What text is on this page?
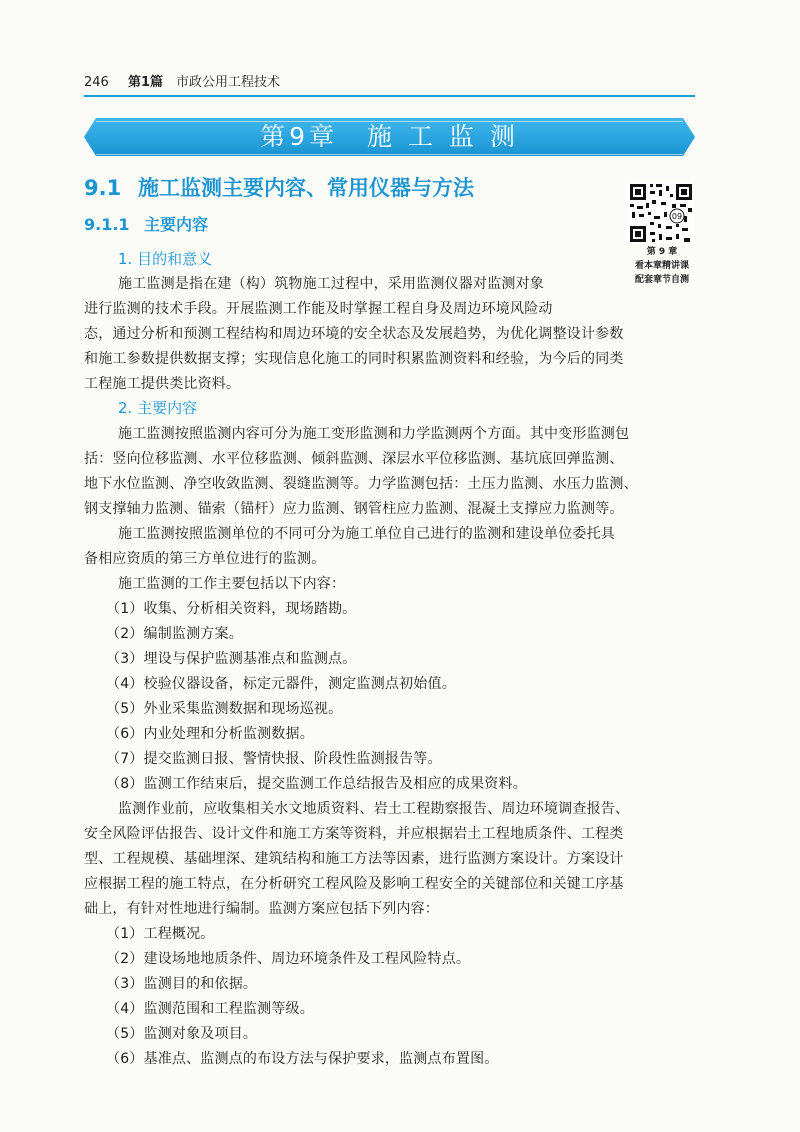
246 第1篇 市政公用工程技术
第9章　施 工 监 测
9.1 施工监测主要内容、常用仪器与方法
9.1.1 主要内容	09
第 9 章
看本章精讲课
配套章节自测
1. 目的和意义
施工监测是指在建（构）筑物施工过程中，采用监测仪器对监测对象
进行监测的技术手段。开展监测工作能及时掌握工程自身及周边环境风险动
态，通过分析和预测工程结构和周边环境的安全状态及发展趋势，为优化调整设计参数
和施工参数提供数据支撑；实现信息化施工的同时积累监测资料和经验，为今后的同类
工程施工提供类比资料。
2. 主要内容
施工监测按照监测内容可分为施工变形监测和力学监测两个方面。其中变形监测包
括：竖向位移监测、水平位移监测、倾斜监测、深层水平位移监测、基坑底回弹监测、
地下水位监测、净空收敛监测、裂缝监测等。力学监测包括：土压力监测、水压力监测、
钢支撑轴力监测、锚索（锚杆）应力监测、钢管柱应力监测、混凝土支撑应力监测等。
施工监测按照监测单位的不同可分为施工单位自己进行的监测和建设单位委托具
备相应资质的第三方单位进行的监测。
施工监测的工作主要包括以下内容：
（1）收集、分析相关资料，现场踏勘。
（2）编制监测方案。
（3）埋设与保护监测基准点和监测点。
（4）校验仪器设备，标定元器件，测定监测点初始值。
（5）外业采集监测数据和现场巡视。
（6）内业处理和分析监测数据。
（7）提交监测日报、警情快报、阶段性监测报告等。
（8）监测工作结束后，提交监测工作总结报告及相应的成果资料。
监测作业前，应收集相关水文地质资料、岩土工程勘察报告、周边环境调查报告、
安全风险评估报告、设计文件和施工方案等资料，并应根据岩土工程地质条件、工程类
型、工程规模、基础埋深、建筑结构和施工方法等因素，进行监测方案设计。方案设计
应根据工程的施工特点，在分析研究工程风险及影响工程安全的关键部位和关键工序基
础上，有针对性地进行编制。监测方案应包括下列内容：
（1）工程概况。
（2）建设场地地质条件、周边环境条件及工程风险特点。
（3）监测目的和依据。
（4）监测范围和工程监测等级。
（5）监测对象及项目。
（6）基准点、监测点的布设方法与保护要求，监测点布置图。
